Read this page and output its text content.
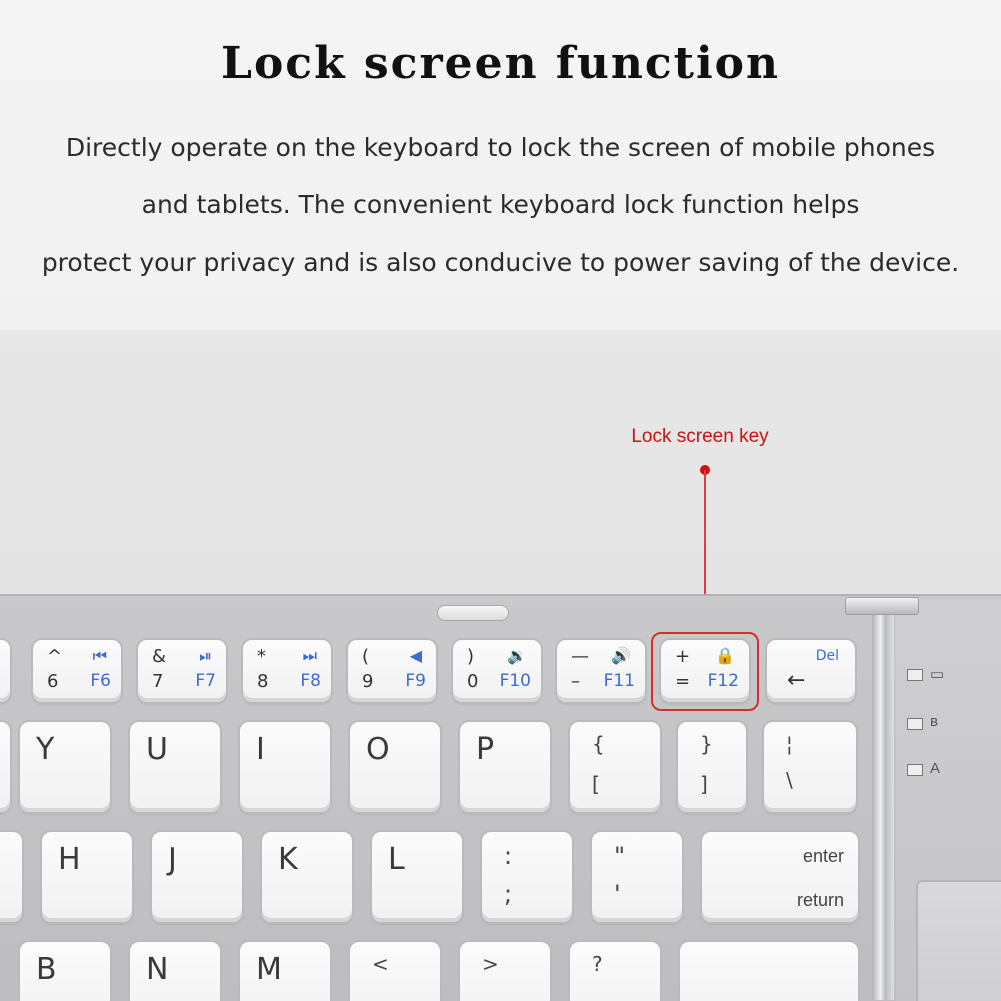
Lock screen function
Directly operate on the keyboard to lock the screen of mobile phones
and tablets. The convenient keyboard lock function helps
protect your privacy and is also conducive to power saving of the device.
Lock screen key
▭
ʙ
A
^ ⏮
6 F6
& ⏯
7 F7
* ⏭
8 F8
(	◀
9 F9
) 🔉
0 F10
— 🔊
– F11
+ 🔒
= F12
Del
←
Y	U	I	O	P	{
[
}
]
¦
\
H	J	K	L	:
;
"
'
enter
return
B	N	M	<	>	?
